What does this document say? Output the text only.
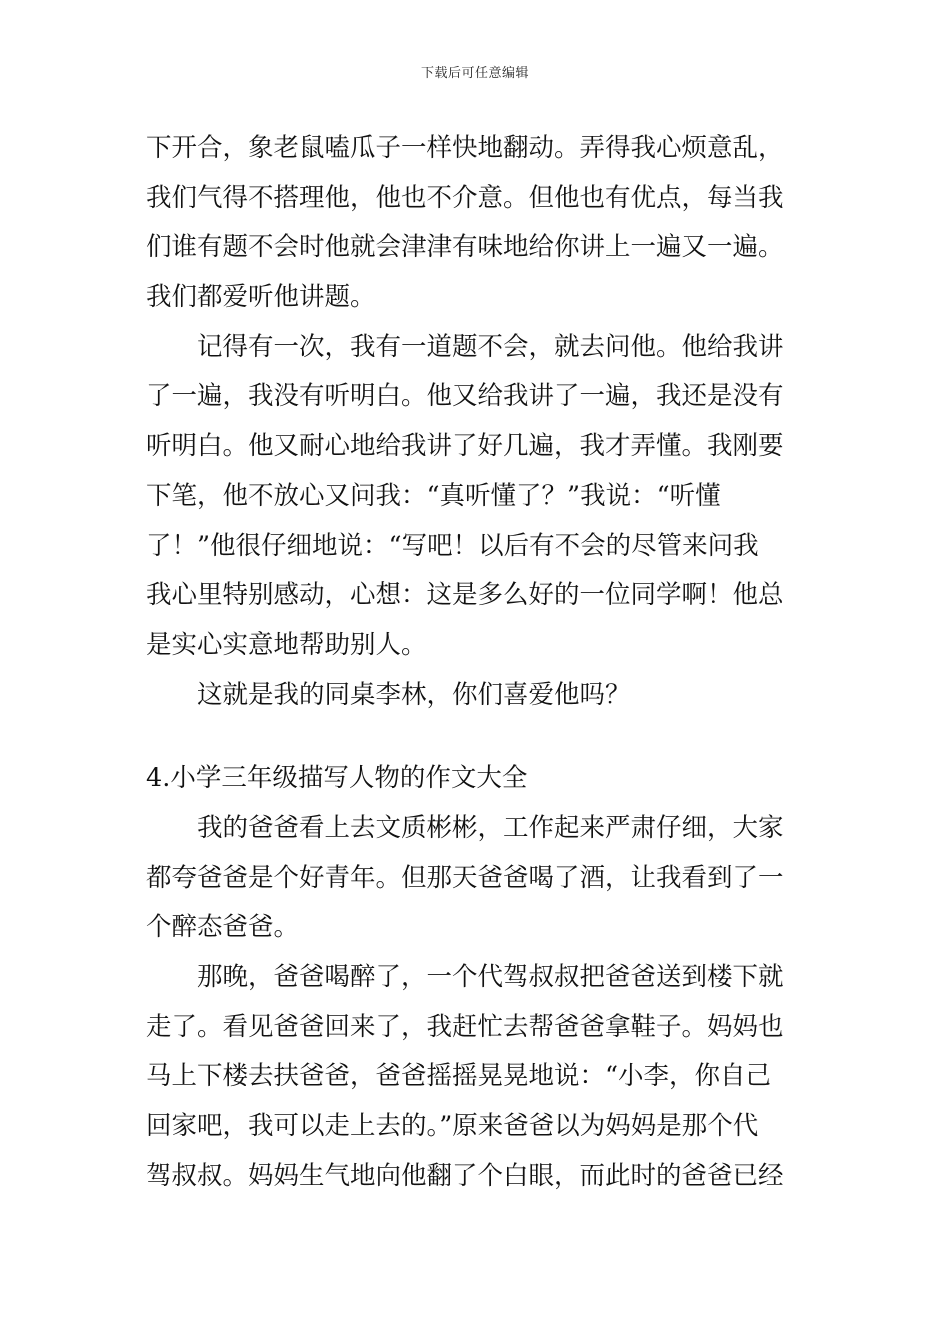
下载后可任意编辑
下开合，象老鼠嗑瓜子一样快地翻动。弄得我心烦意乱，
我们气得不搭理他，他也不介意。但他也有优点，每当我
们谁有题不会时他就会津津有味地给你讲上一遍又一遍。
我们都爱听他讲题。
记得有一次，我有一道题不会，就去问他。他给我讲
了一遍，我没有听明白。他又给我讲了一遍，我还是没有
听明白。他又耐心地给我讲了好几遍，我才弄懂。我刚要
下笔，他不放心又问我：“真听懂了？”我说：“听懂
了！”他很仔细地说：“写吧！以后有不会的尽管来问我
我心里特别感动，心想：这是多么好的一位同学啊！他总
是实心实意地帮助别人。
这就是我的同桌李林，你们喜爱他吗？
4.小学三年级描写人物的作文大全
我的爸爸看上去文质彬彬，工作起来严肃仔细，大家
都夸爸爸是个好青年。但那天爸爸喝了酒，让我看到了一
个醉态爸爸。
那晚，爸爸喝醉了，一个代驾叔叔把爸爸送到楼下就
走了。看见爸爸回来了，我赶忙去帮爸爸拿鞋子。妈妈也
马上下楼去扶爸爸，爸爸摇摇晃晃地说：“小李，你自己
回家吧，我可以走上去的。”原来爸爸以为妈妈是那个代
驾叔叔。妈妈生气地向他翻了个白眼，而此时的爸爸已经
